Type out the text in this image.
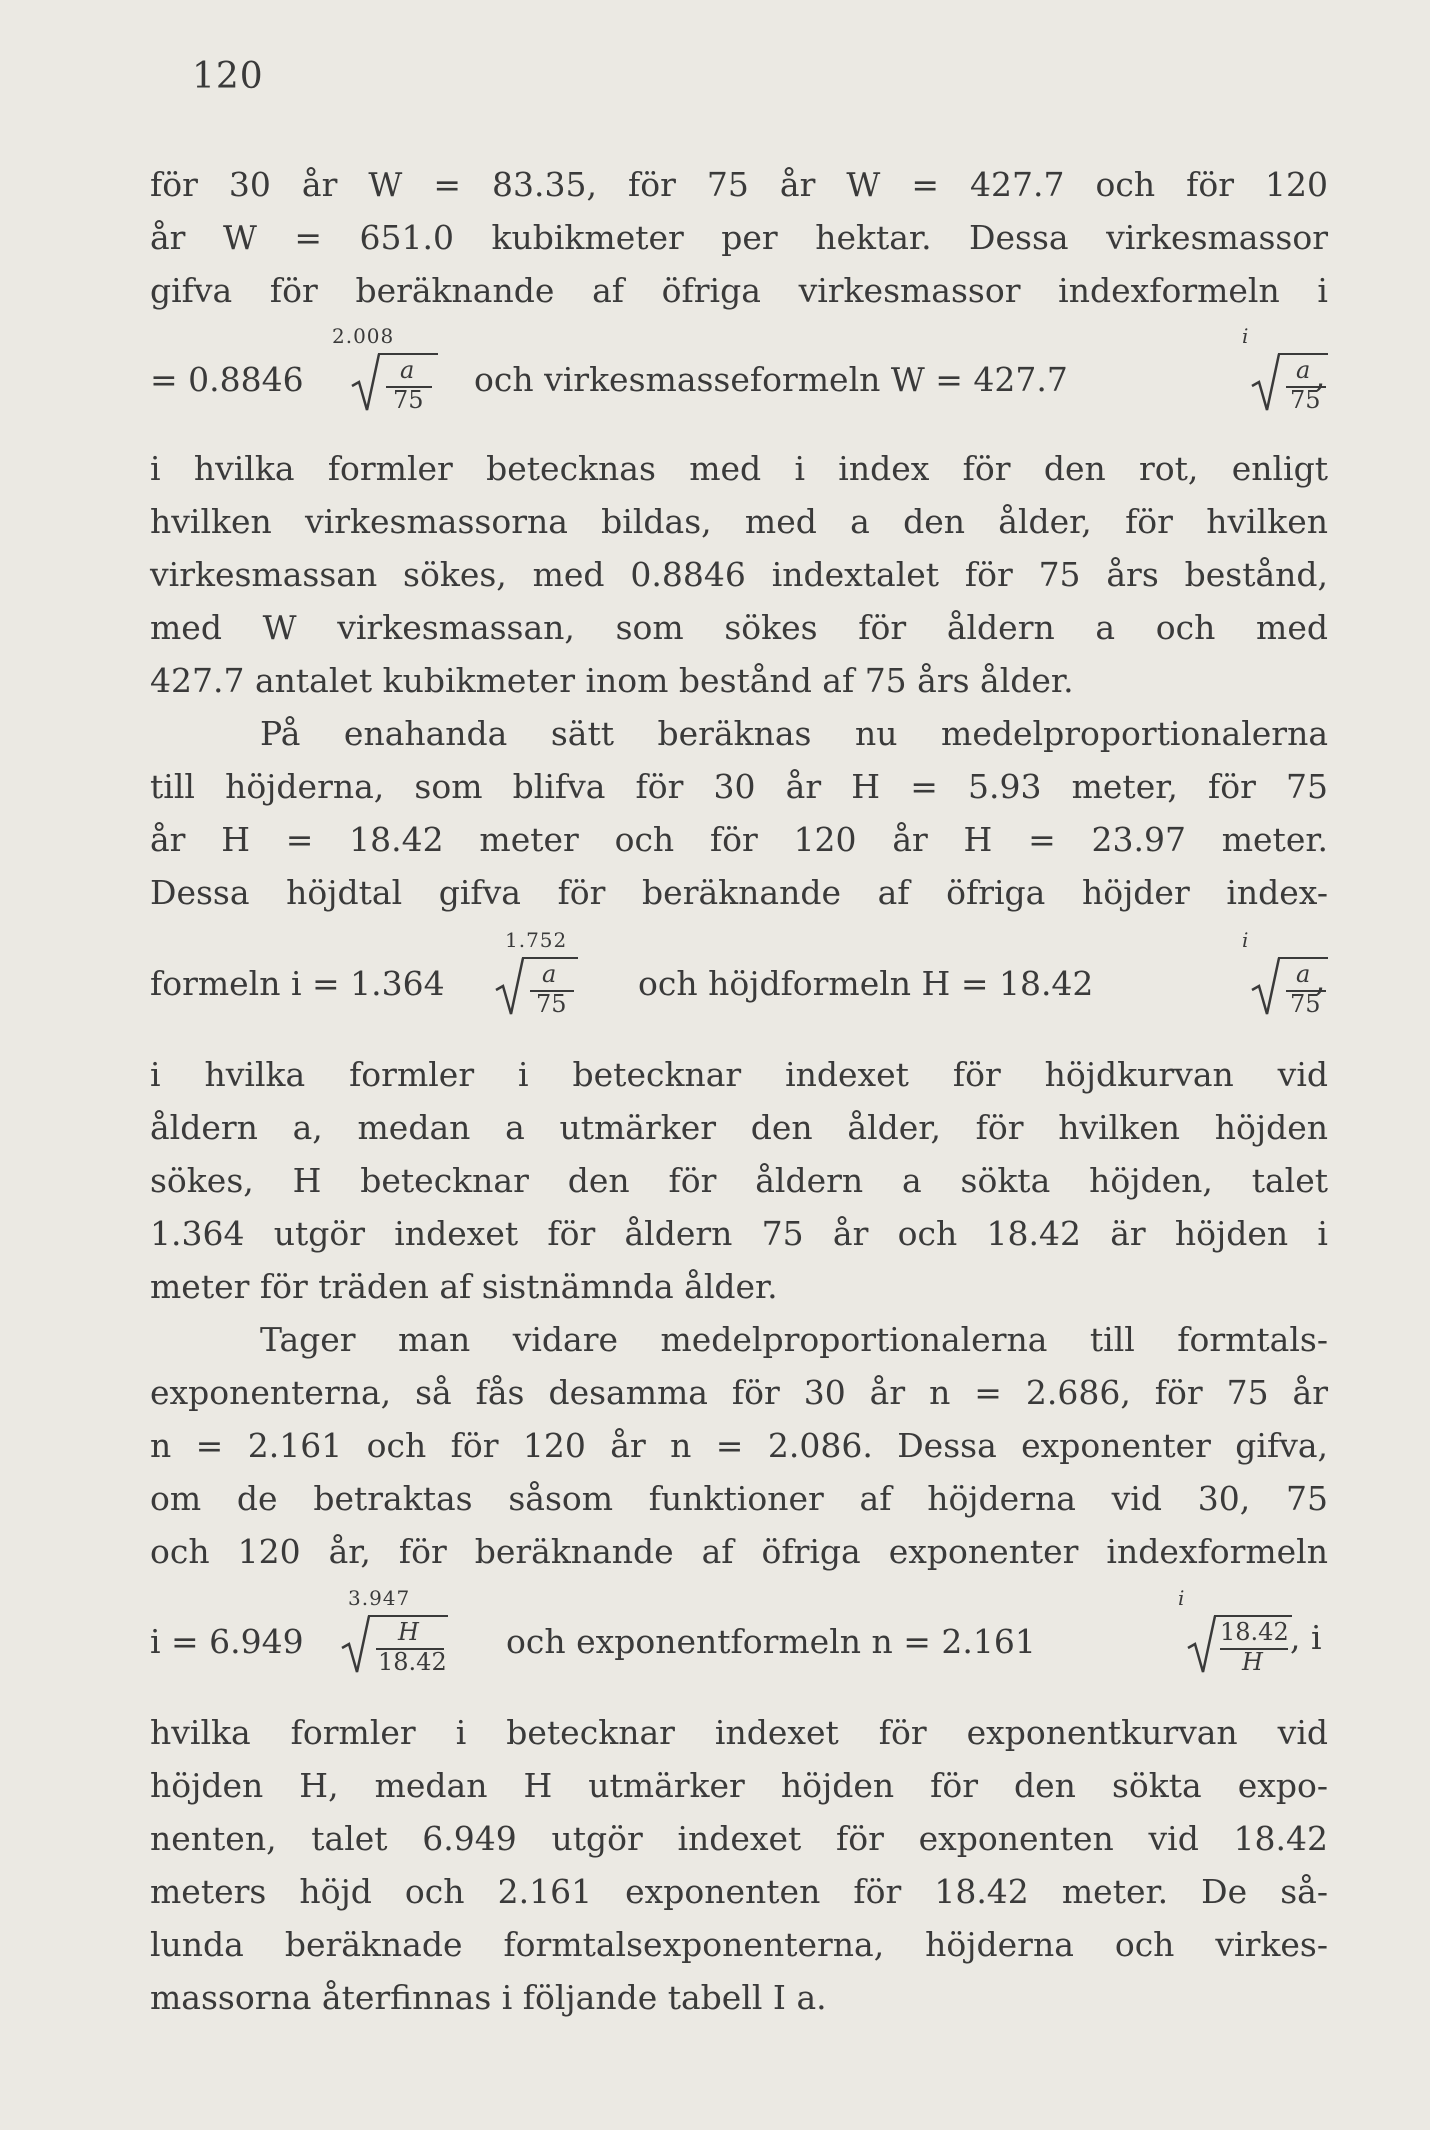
120
för 30 år W = 83.35, för 75 år W = 427.7 och för 120
år W = 651.0 kubikmeter per hektar. Dessa virkesmassor
gifva för beräknande af öfriga virkesmassor indexformeln i
2.008
= 0.8846	a
75
och virkesmasseformeln W = 427.7
i
a
75
,
i hvilka formler betecknas med i index för den rot, enligt
hvilken virkesmassorna bildas, med a den ålder, för hvilken
virkesmassan sökes, med 0.8846 indextalet för 75 års bestånd,
med W virkesmassan, som sökes för åldern a och med
427.7 antalet kubikmeter inom bestånd af 75 års ålder.
På enahanda sätt beräknas nu medelproportionalerna
till höjderna, som blifva för 30 år H = 5.93 meter, för 75
år H = 18.42 meter och för 120 år H = 23.97 meter.
Dessa höjdtal gifva för beräknande af öfriga höjder index-
1.752
formeln i = 1.364	a
75
och höjdformeln H = 18.42
i
a
75
,
i hvilka formler i betecknar indexet för höjdkurvan vid
åldern a, medan a utmärker den ålder, för hvilken höjden
sökes, H betecknar den för åldern a sökta höjden, talet
1.364 utgör indexet för åldern 75 år och 18.42 är höjden i
meter för träden af sistnämnda ålder.
Tager man vidare medelproportionalerna till formtals-
exponenterna, så fås desamma för 30 år n = 2.686, för 75 år
n = 2.161 och för 120 år n = 2.086. Dessa exponenter gifva,
om de betraktas såsom funktioner af höjderna vid 30, 75
och 120 år, för beräknande af öfriga exponenter indexformeln
3.947
i = 6.949	H
18.42
och exponentformeln n = 2.161
i
18.42
H
, i
hvilka formler i betecknar indexet för exponentkurvan vid
höjden H, medan H utmärker höjden för den sökta expo-
nenten, talet 6.949 utgör indexet för exponenten vid 18.42
meters höjd och 2.161 exponenten för 18.42 meter. De så-
lunda beräknade formtalsexponenterna, höjderna och virkes-
massorna återfinnas i följande tabell I a.
